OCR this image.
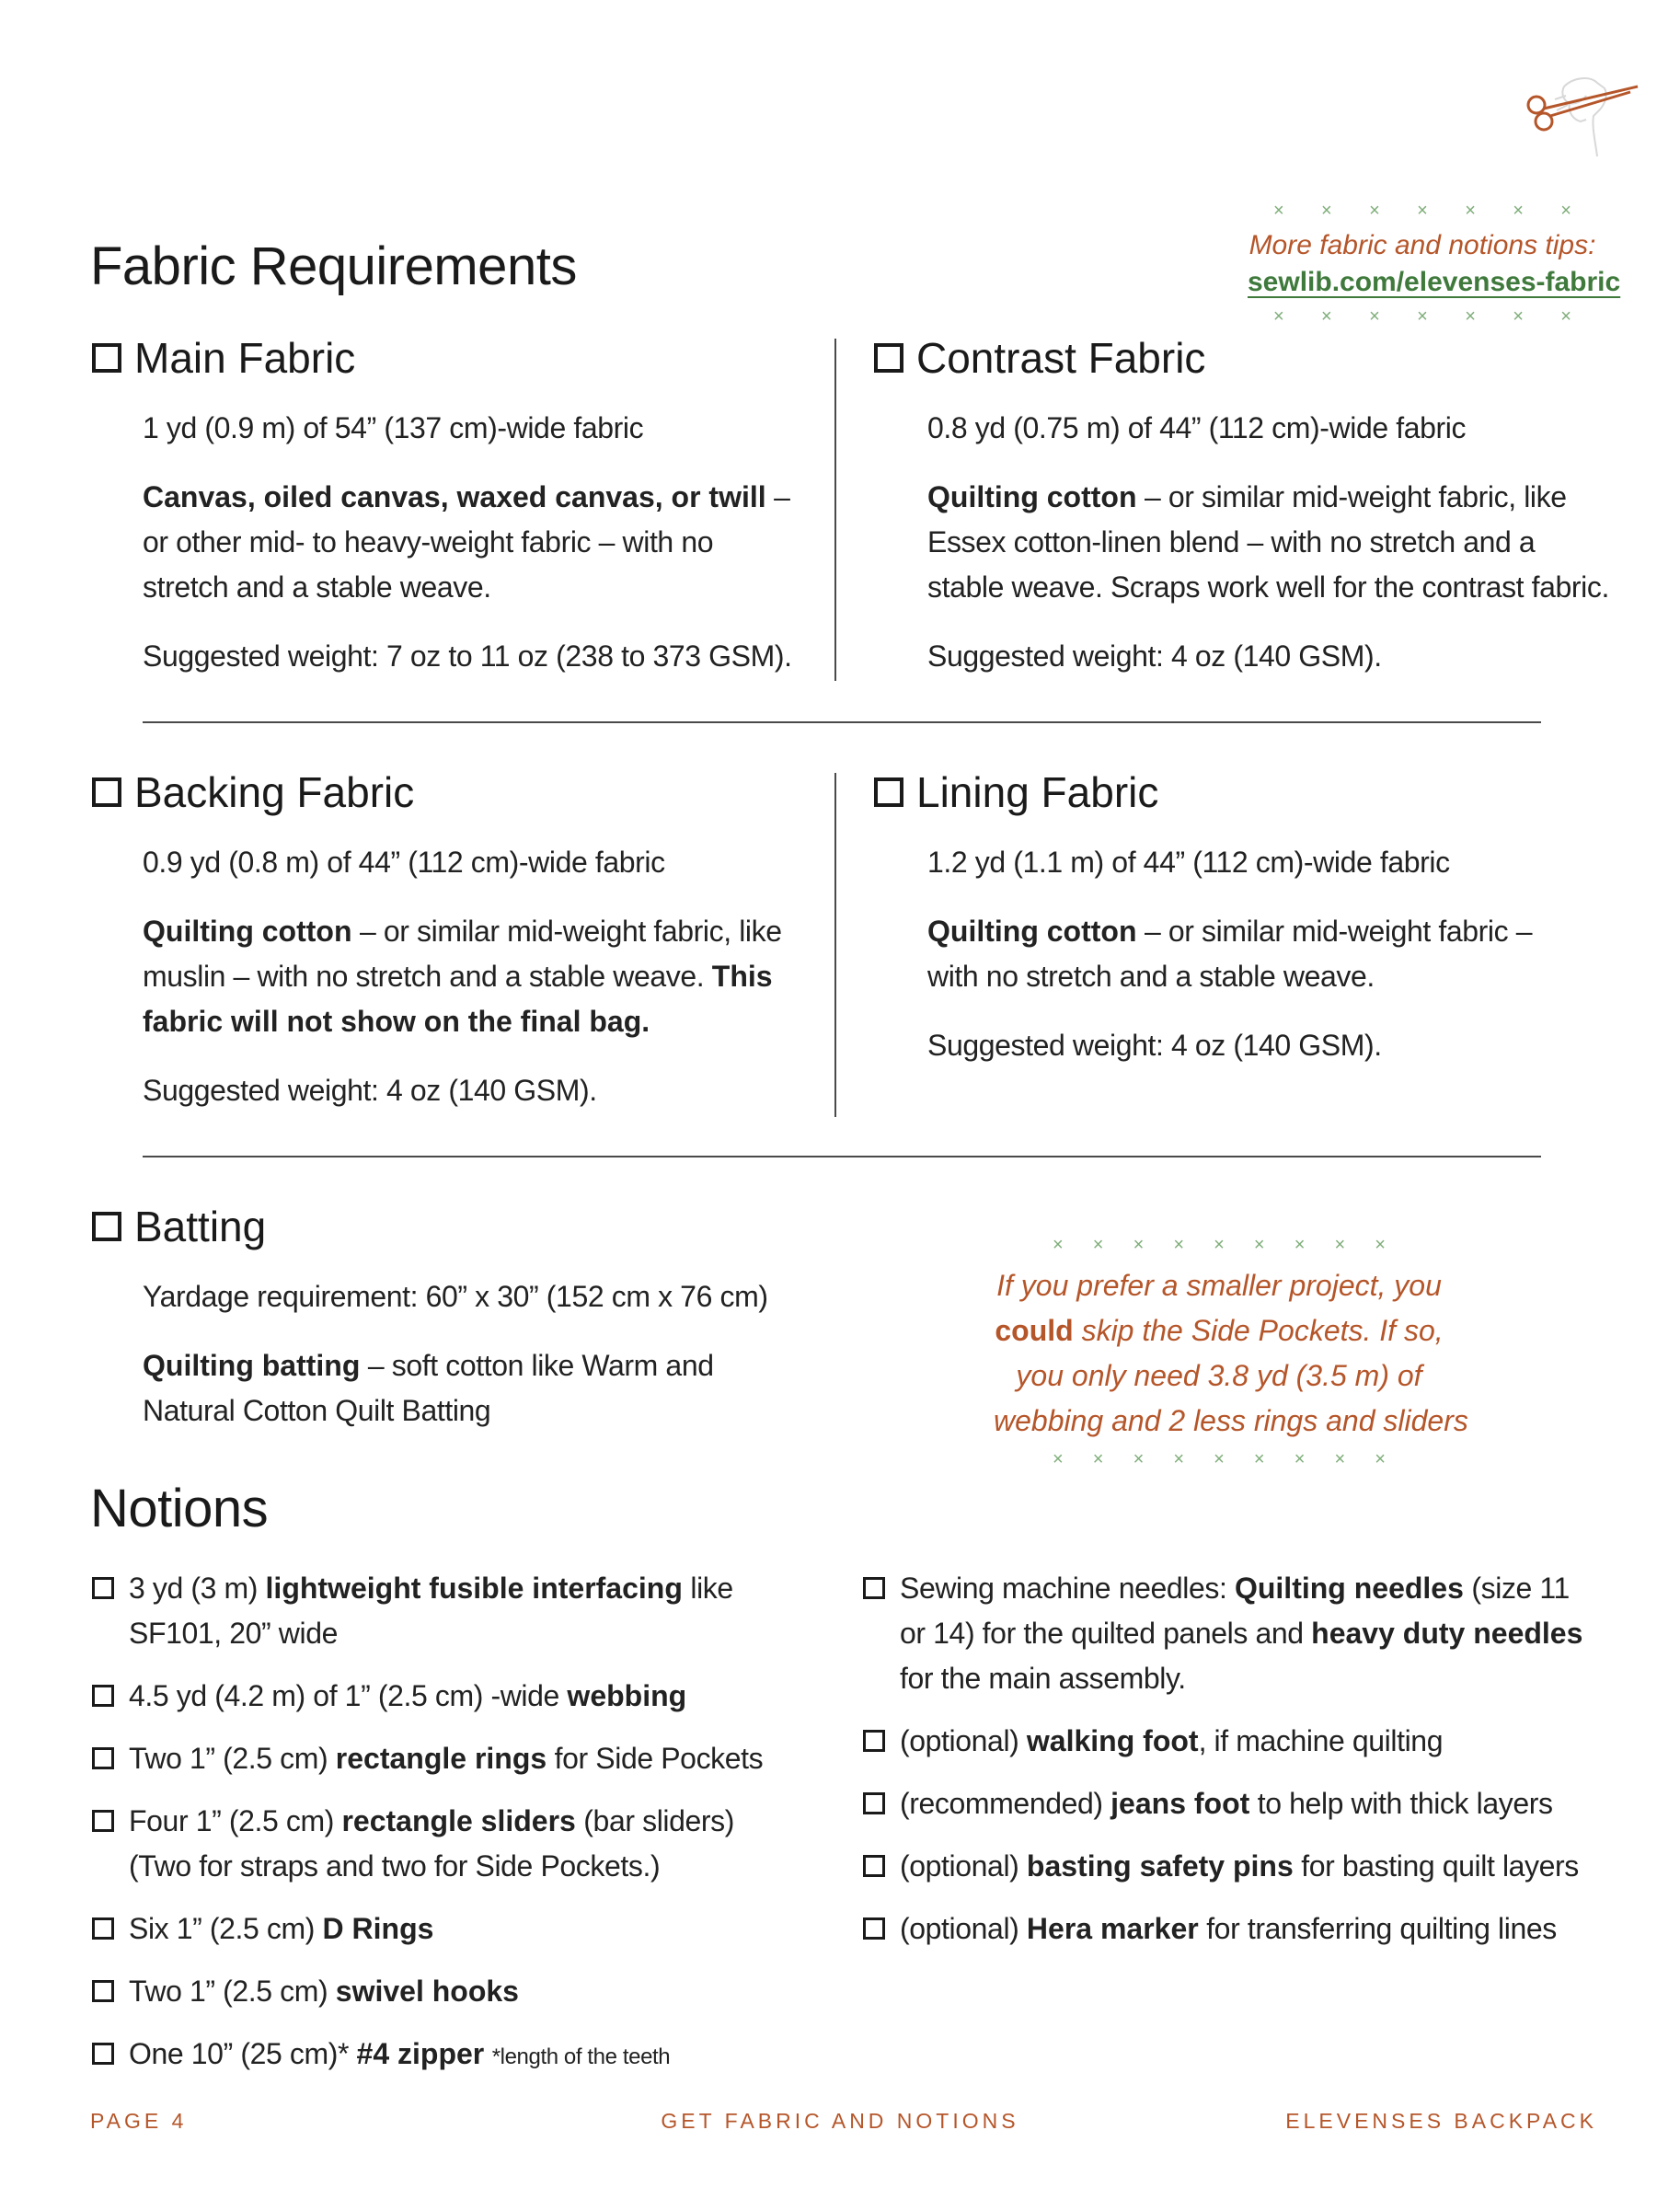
Fabric Requirements
× × × × × × ×
More fabric and notions tips:
sewlib.com/elevenses-fabric
× × × × × × ×
Main Fabric

1 yd (0.9 m) of 54” (137 cm)-wide fabric

Canvas, oiled canvas, waxed canvas, or twill – or other mid- to heavy-weight fabric – with no stretch and a stable weave.

Suggested weight: 7 oz to 11 oz (238 to 373 GSM).

Contrast Fabric

0.8 yd (0.75 m) of 44” (112 cm)-wide fabric

Quilting cotton – or similar mid-weight fabric, like Essex cotton-linen blend – with no stretch and a stable weave. Scraps work well for the contrast fabric.

Suggested weight: 4 oz (140 GSM).

Backing Fabric

0.9 yd (0.8 m) of 44” (112 cm)-wide fabric

Quilting cotton – or similar mid-weight fabric, like muslin – with no stretch and a stable weave. This fabric will not show on the final bag.

Suggested weight: 4 oz (140 GSM).

Lining Fabric

1.2 yd (1.1 m) of 44” (112 cm)-wide fabric

Quilting cotton – or similar mid-weight fabric – with no stretch and a stable weave.

Suggested weight: 4 oz (140 GSM).

Batting

Yardage requirement: 60” x 30” (152 cm x 76 cm)

Quilting batting – soft cotton like Warm and Natural Cotton Quilt Batting

× × × × × × × × ×
If you prefer a smaller project, you
could skip the Side Pockets. If so,
you only need 3.8 yd (3.5 m) of
webbing and 2 less rings and sliders
× × × × × × × × ×
Notions
3 yd (3 m) lightweight fusible interfacing like SF101, 20” wide
4.5 yd (4.2 m) of 1” (2.5 cm) -wide webbing
Two 1” (2.5 cm) rectangle rings for Side Pockets
Four 1” (2.5 cm) rectangle sliders (bar sliders) (Two for straps and two for Side Pockets.)
Six 1” (2.5 cm) D Rings
Two 1” (2.5 cm) swivel hooks
One 10” (25 cm)* #4 zipper *length of the teeth
Sewing machine needles: Quilting needles (size 11 or 14) for the quilted panels and heavy duty needles for the main assembly.
(optional) walking foot, if machine quilting
(recommended) jeans foot to help with thick layers
(optional) basting safety pins for basting quilt layers
(optional) Hera marker for transferring quilting lines
PAGE 4	GET FABRIC AND NOTIONS	ELEVENSES BACKPACK
